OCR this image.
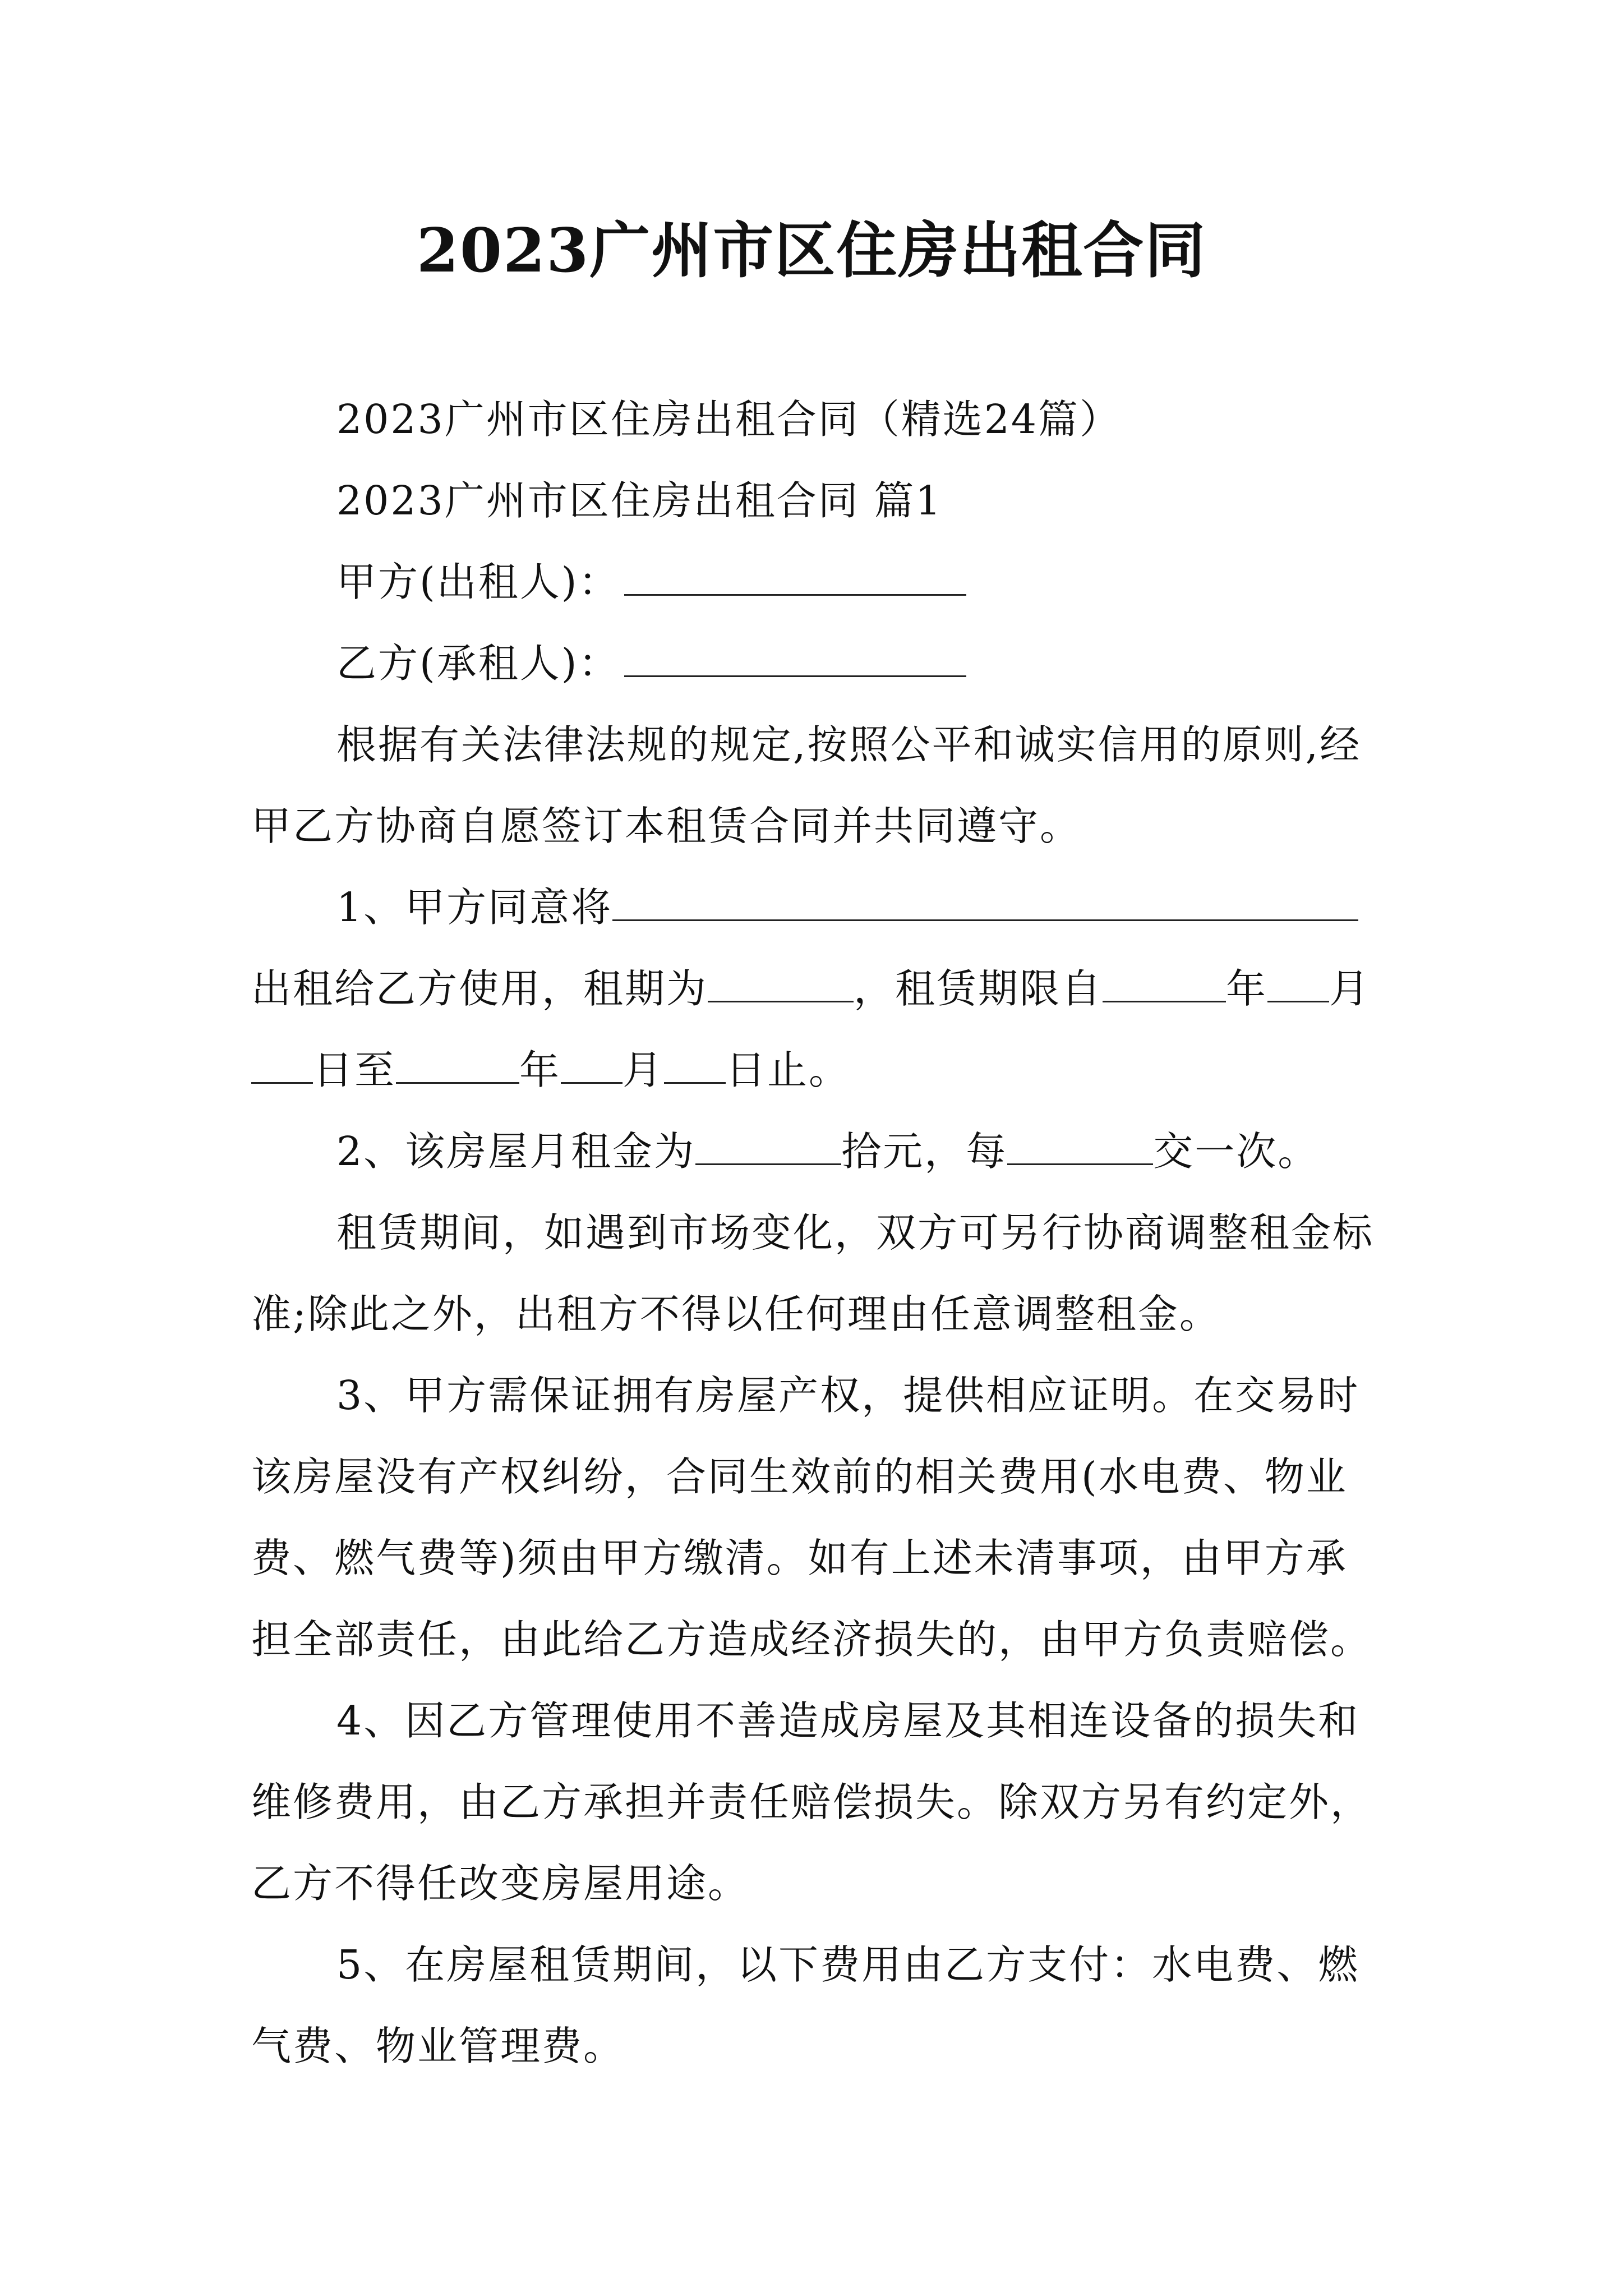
2023广州市区住房出租合同

2023广州市区住房出租合同（精选24篇）

2023广州市区住房出租合同 篇1

甲方(出租人)：

乙方(承租人)：

根据有关法律法规的规定,按照公平和诚实信用的原则,经甲乙方协商自愿签订本租赁合同并共同遵守。

1、甲方同意将出租给乙方使用，租期为	，租赁期限自	年 月日至	年 月 日止。

2、该房屋月租金为	拾元，每	交一次。

租赁期间，如遇到市场变化，双方可另行协商调整租金标准;除此之外，出租方不得以任何理由任意调整租金。

3、甲方需保证拥有房屋产权，提供相应证明。在交易时该房屋没有产权纠纷，合同生效前的相关费用(水电费、物业费、燃气费等)须由甲方缴清。如有上述未清事项，由甲方承担全部责任，由此给乙方造成经济损失的，由甲方负责赔偿。

4、因乙方管理使用不善造成房屋及其相连设备的损失和维修费用，由乙方承担并责任赔偿损失。除双方另有约定外，乙方不得任改变房屋用途。

5、在房屋租赁期间，以下费用由乙方支付：水电费、燃气费、物业管理费。
